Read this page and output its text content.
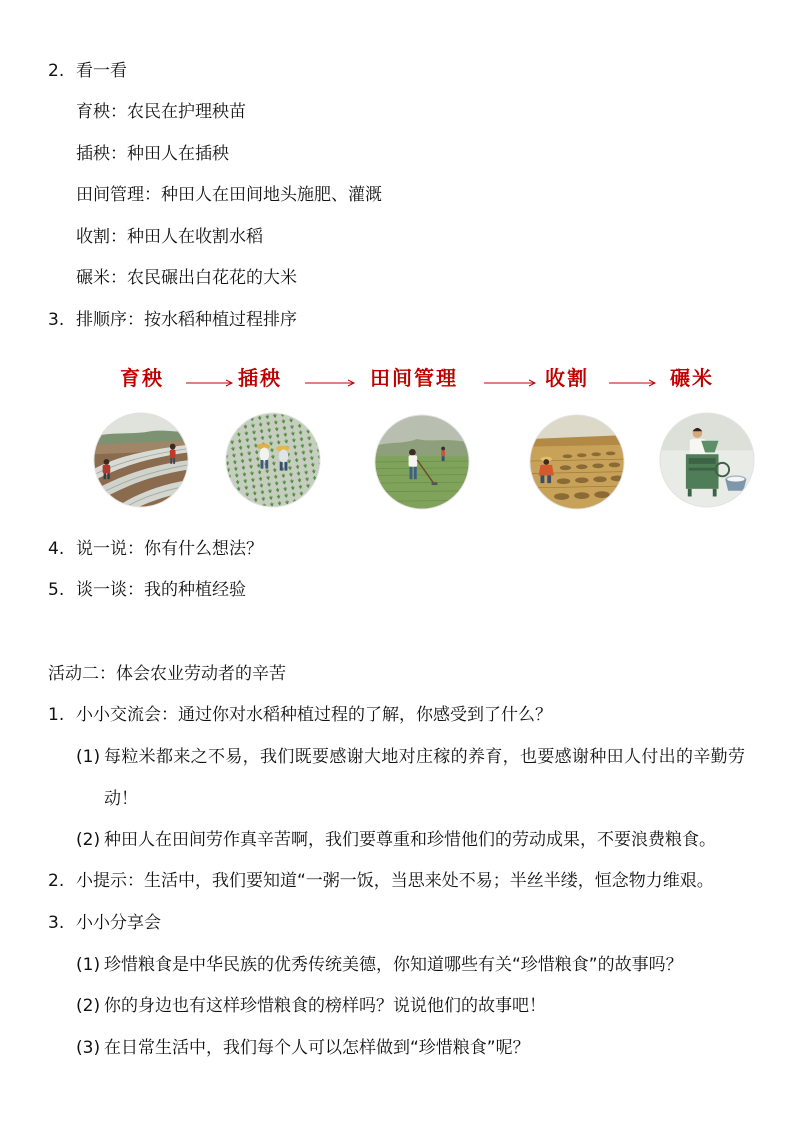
2. 看一看
育秧：农民在护理秧苗
插秧：种田人在插秧
田间管理：种田人在田间地头施肥、灌溉
收割：种田人在收割水稻
碾米：农民碾出白花花的大米
3. 排顺序：按水稻种植过程排序
育秧	插秧	田间管理	收割	碾米
4. 说一说：你有什么想法？
5. 谈一谈：我的种植经验
活动二：体会农业劳动者的辛苦
1. 小小交流会：通过你对水稻种植过程的了解，你感受到了什么？
(1) 每粒米都来之不易，我们既要感谢大地对庄稼的养育，也要感谢种田人付出的辛勤劳
动！
(2) 种田人在田间劳作真辛苦啊，我们要尊重和珍惜他们的劳动成果，不要浪费粮食。
2. 小提示：生活中，我们要知道“一粥一饭，当思来处不易；半丝半缕，恒念物力维艰。
3. 小小分享会
(1) 珍惜粮食是中华民族的优秀传统美德，你知道哪些有关“珍惜粮食”的故事吗？
(2) 你的身边也有这样珍惜粮食的榜样吗？说说他们的故事吧！
(3) 在日常生活中，我们每个人可以怎样做到“珍惜粮食”呢？
